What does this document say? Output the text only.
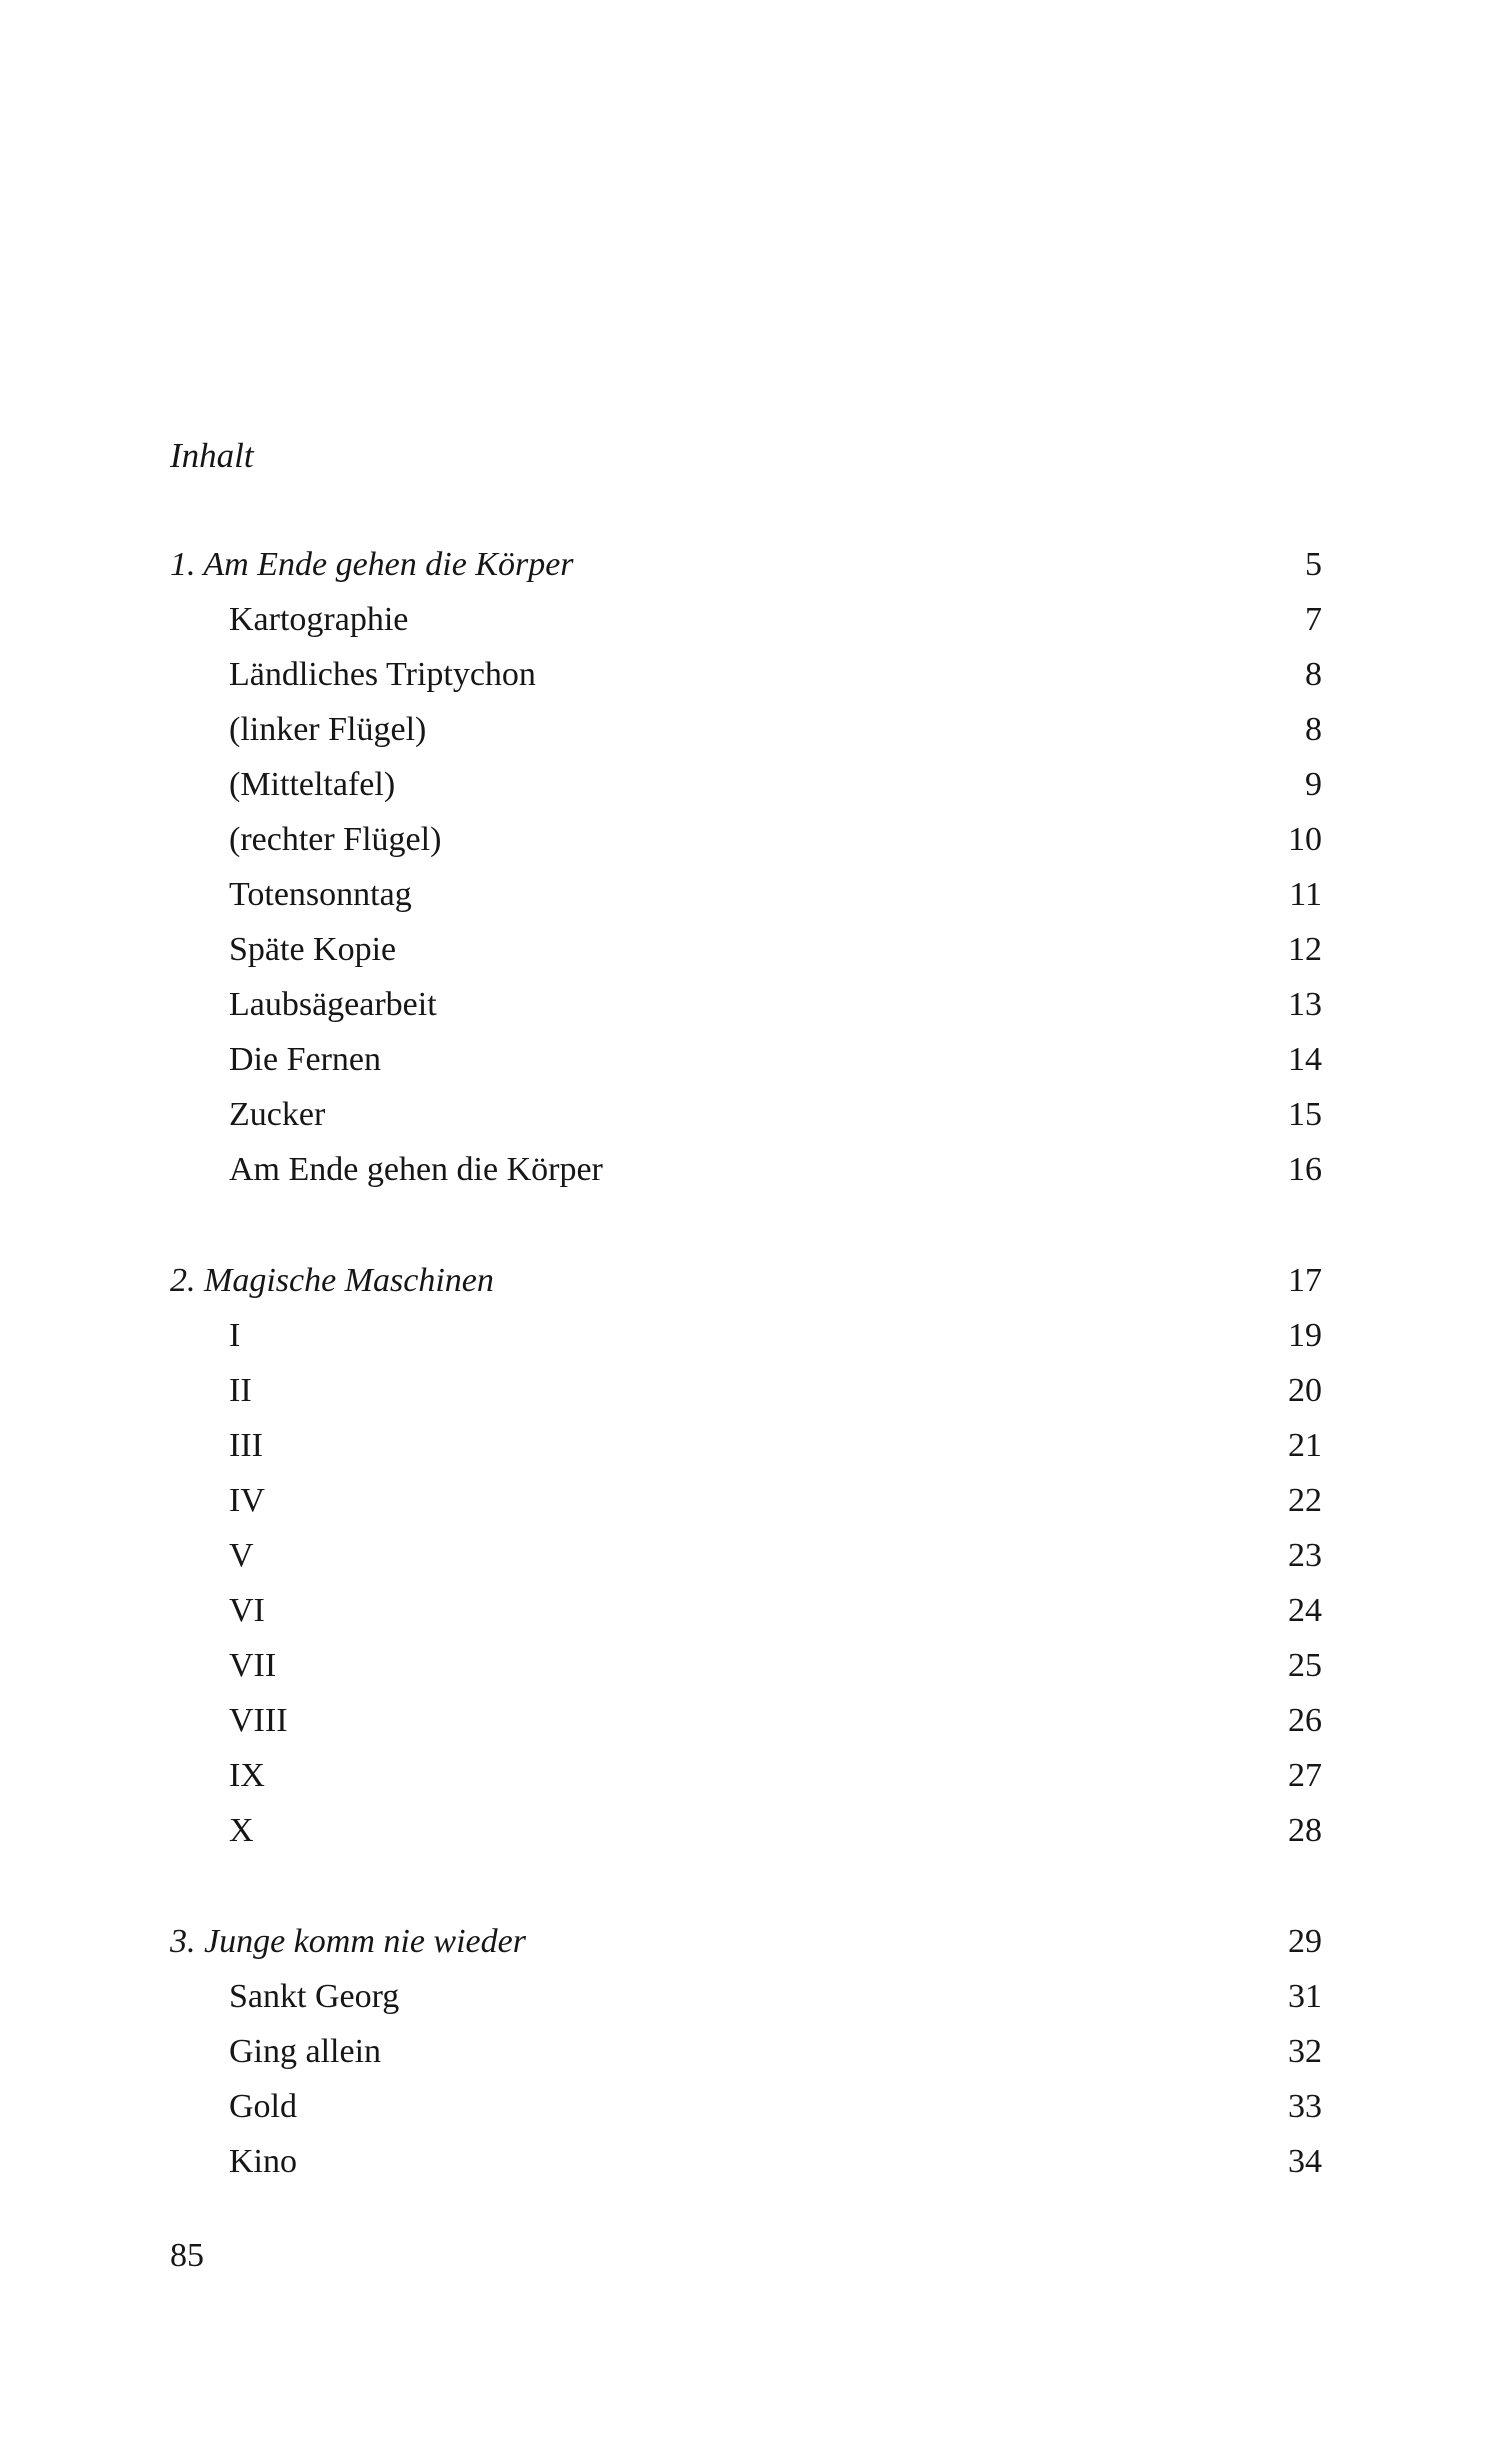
Inhalt
1. Am Ende gehen die Körper	5
Kartographie	7
Ländliches Triptychon	8
(linker Flügel)	8
(Mitteltafel)	9
(rechter Flügel)	10
Totensonntag	11
Späte Kopie	12
Laubsägearbeit	13
Die Fernen	14
Zucker	15
Am Ende gehen die Körper	16
2. Magische Maschinen	17
I	19
II	20
III	21
IV	22
V	23
VI	24
VII	25
VIII	26
IX	27
X	28
3. Junge komm nie wieder	29
Sankt Georg	31
Ging allein	32
Gold	33
Kino	34
85
